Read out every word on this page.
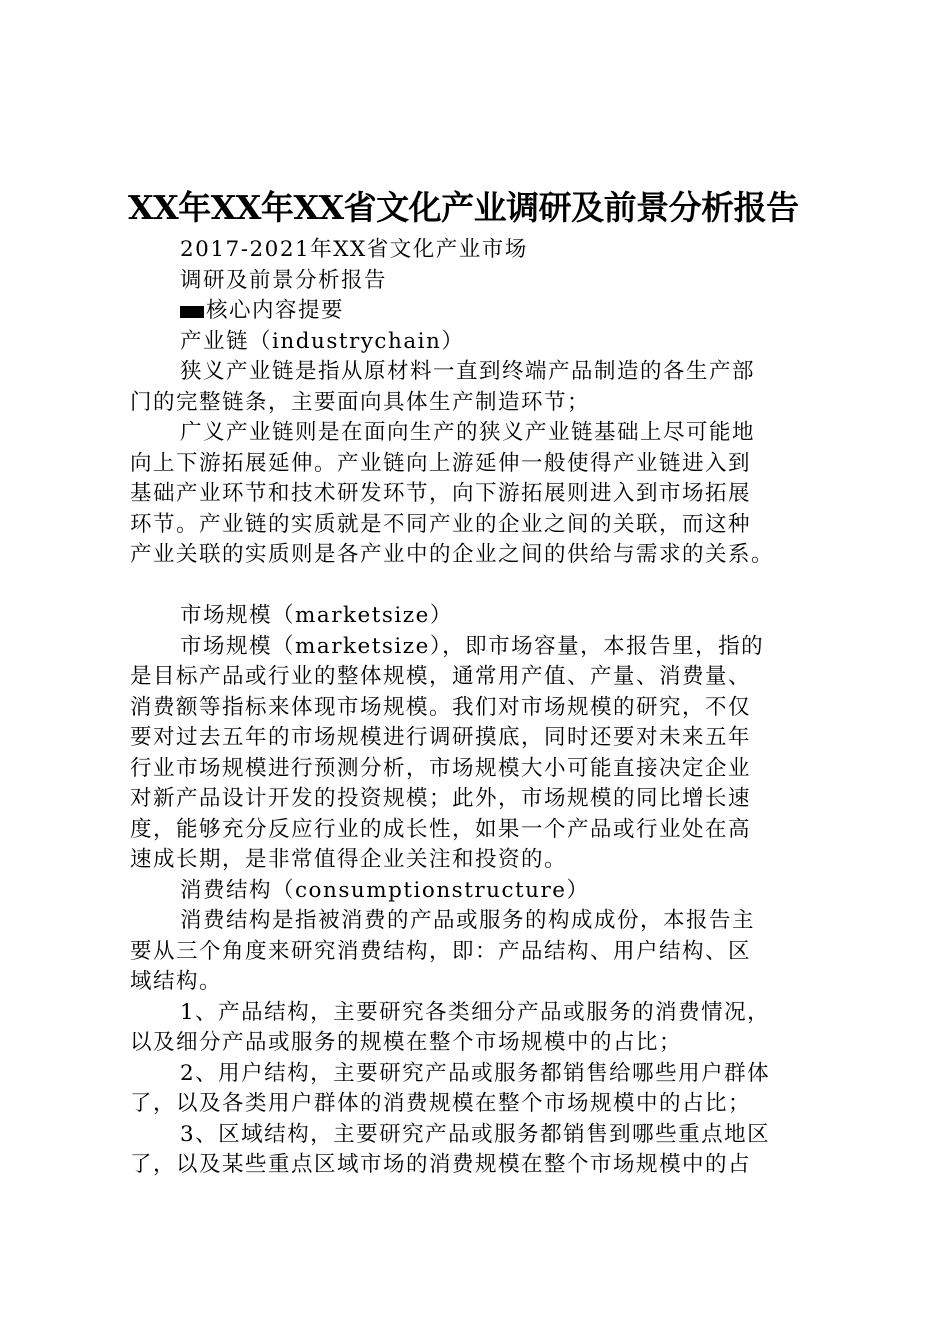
XX年XX年XX省文化产业调研及前景分析报告

2017-2021年XX省文化产业市场

调研及前景分析报告

核心内容提要

产业链（industrychain）

狭义产业链是指从原材料一直到终端产品制造的各生产部

门的完整链条，主要面向具体生产制造环节；

广义产业链则是在面向生产的狭义产业链基础上尽可能地

向上下游拓展延伸。产业链向上游延伸一般使得产业链进入到

基础产业环节和技术研发环节，向下游拓展则进入到市场拓展

环节。产业链的实质就是不同产业的企业之间的关联，而这种

产业关联的实质则是各产业中的企业之间的供给与需求的关系。

市场规模（marketsize）

市场规模（marketsize），即市场容量，本报告里，指的

是目标产品或行业的整体规模，通常用产值、产量、消费量、

消费额等指标来体现市场规模。我们对市场规模的研究，不仅

要对过去五年的市场规模进行调研摸底，同时还要对未来五年

行业市场规模进行预测分析，市场规模大小可能直接决定企业

对新产品设计开发的投资规模；此外，市场规模的同比增长速

度，能够充分反应行业的成长性，如果一个产品或行业处在高

速成长期，是非常值得企业关注和投资的。

消费结构（consumptionstructure）

消费结构是指被消费的产品或服务的构成成份，本报告主

要从三个角度来研究消费结构，即：产品结构、用户结构、区

域结构。

1、产品结构，主要研究各类细分产品或服务的消费情况，

以及细分产品或服务的规模在整个市场规模中的占比；

2、用户结构，主要研究产品或服务都销售给哪些用户群体

了，以及各类用户群体的消费规模在整个市场规模中的占比；

3、区域结构，主要研究产品或服务都销售到哪些重点地区

了，以及某些重点区域市场的消费规模在整个市场规模中的占
